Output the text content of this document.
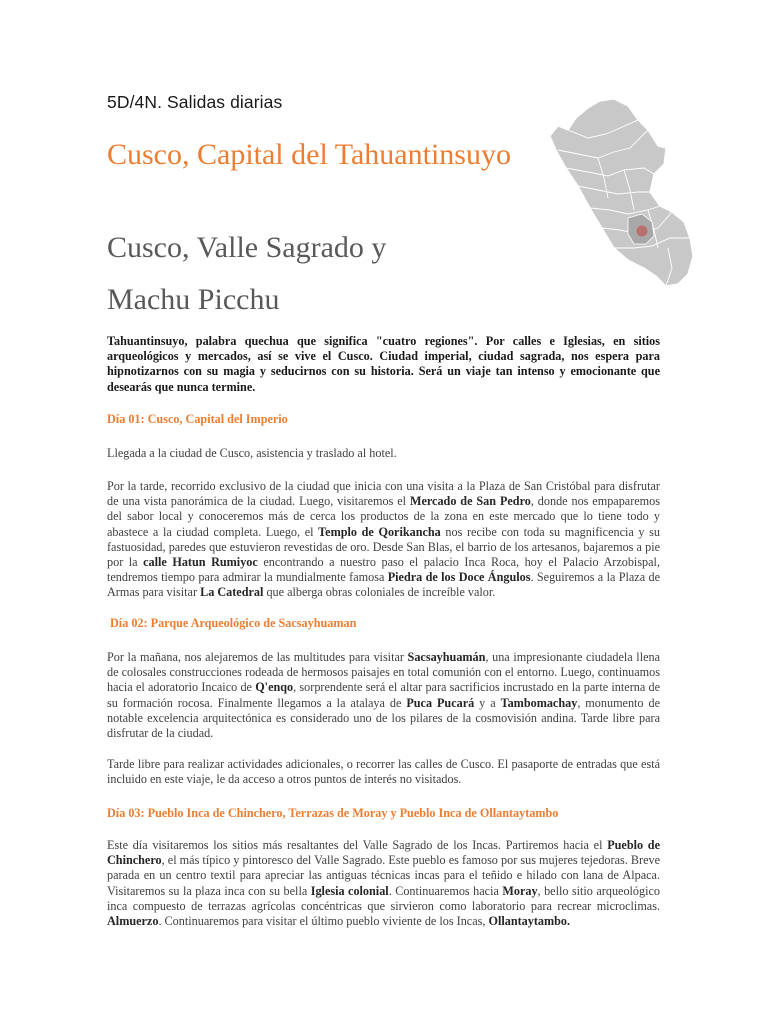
5D/4N. Salidas diarias
Cusco, Capital del Tahuantinsuyo
Cusco, Valle Sagrado y
Machu Picchu

Tahuantinsuyo, palabra quechua que significa "cuatro regiones". Por calles e Iglesias, en sitios arqueológicos y mercados, así se vive el Cusco. Ciudad imperial, ciudad sagrada, nos espera para hipnotizarnos con su magia y seducirnos con su historia. Será un viaje tan intenso y emocionante que desearás que nunca termine.

Día 01: Cusco, Capital del Imperio

Llegada a la ciudad de Cusco, asistencia y traslado al hotel.

Por la tarde, recorrido exclusivo de la ciudad que inicia con una visita a la Plaza de San Cristóbal para disfrutar de una vista panorámica de la ciudad. Luego, visitaremos el Mercado de San Pedro, donde nos empaparemos del sabor local y conoceremos más de cerca los productos de la zona en este mercado que lo tiene todo y abastece a la ciudad completa. Luego, el Templo de Qorikancha nos recibe con toda su magnificencia y su fastuosidad, paredes que estuvieron revestidas de oro. Desde San Blas, el barrio de los artesanos, bajaremos a pie por la calle Hatun Rumiyoc encontrando a nuestro paso el palacio Inca Roca, hoy el Palacio Arzobispal, tendremos tiempo para admirar la mundialmente famosa Piedra de los Doce Ángulos. Seguiremos a la Plaza de Armas para visitar La Catedral que alberga obras coloniales de increíble valor.

Día 02: Parque Arqueológico de Sacsayhuaman

Por la mañana, nos alejaremos de las multitudes para visitar Sacsayhuamán, una impresionante ciudadela llena de colosales construcciones rodeada de hermosos paisajes en total comunión con el entorno. Luego, continuamos hacia el adoratorio Incaico de Q'enqo, sorprendente será el altar para sacrificios incrustado en la parte interna de su formación rocosa. Finalmente llegamos a la atalaya de Puca Pucará y a Tambomachay, monumento de notable excelencia arquitectónica es considerado uno de los pilares de la cosmovisión andina. Tarde libre para disfrutar de la ciudad.

Tarde libre para realizar actividades adicionales, o recorrer las calles de Cusco. El pasaporte de entradas que está incluido en este viaje, le da acceso a otros puntos de interés no visitados.

Día 03: Pueblo Inca de Chinchero, Terrazas de Moray y Pueblo Inca de Ollantaytambo

Este día visitaremos los sitios más resaltantes del Valle Sagrado de los Incas. Partiremos hacia el Pueblo de Chinchero, el más típico y pintoresco del Valle Sagrado. Este pueblo es famoso por sus mujeres tejedoras. Breve parada en un centro textil para apreciar las antiguas técnicas incas para el teñido e hilado con lana de Alpaca. Visitaremos su la plaza inca con su bella Iglesia colonial. Continuaremos hacia Moray, bello sitio arqueológico inca compuesto de terrazas agrícolas concéntricas que sirvieron como laboratorio para recrear microclimas. Almuerzo. Continuaremos para visitar el último pueblo viviente de los Incas, Ollantaytambo.
